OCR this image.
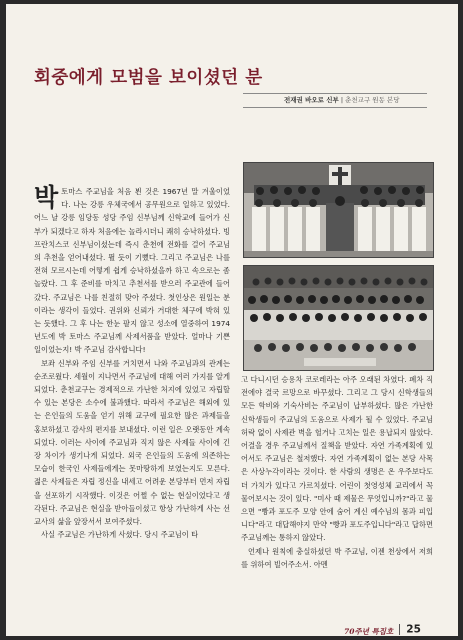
회중에게 모범을 보이셨던 분
전재권 바오로 신부 | 춘천교구 원동 본당

박토마스 주교님을 처음 뵌 것은 1967년 말 겨울이었다. 나는 강릉 우체국에서 공무원으로 일하고 있었다. 어느 날 강릉 임당동 성당 주임 신부님께 신학교에 들어가 신부가 되겠다고 하자 처음에는 놀라시더니 쾌히 승낙하셨다. 빙 프란치스코 신부님이셨는데 즉시 춘천에 전화를 걸어 주교님의 추천을 얻어내셨다. 뛸 듯이 기뻤다. 그리고 주교님은 나를 전혀 모르시는데 어떻게 쉽게 승낙하셨을까 하고 속으로는 좀 놀랐다. 그 후 준비를 마치고 추천서를 받으러 주교관에 들어갔다. 주교님은 나를 친절히 맞아 주셨다. 첫인상은 원일는 분이라는 생각이 들었다. 권위와 신뢰가 거대한 체구에 박혀 있는 듯했다. 그 후 나는 한눈 팔지 않고 성소에 열중하여 1974년도에 박 토마스 주교님께 사제서품을 받았다. 얼마나 기쁜 일이었는지! 박 주교님 감사합니다!

보좌 신부와 주임 신부를 거치면서 나와 주교님과의 관계는 순조로웠다. 세월이 지나면서 주교님에 대해 여러 가지를 알게 되었다. 춘천교구는 경제적으로 가난한 처지에 있었고 자립할 수 있는 본당은 소수에 불과했다. 따라서 주교님은 해외에 있는 은인들의 도움을 얻기 위해 교구에 필요한 많은 과제들을 홍보하셨고 감사의 편지를 보내셨다. 이런 일은 오랫동안 계속되었다. 이러는 사이에 주교님과 직지 않은 사제들 사이에 긴장 차이가 생기나게 되었다. 외국 은인들의 도움에 의존하는 모습이 한국인 사제들에게는 못마땅하게 보였는지도 모른다. 젊은 사제들은 자립 정신을 내세고 어려운 본당부터 먼저 자립을 선포하기 시작했다. 이것은 어쩔 수 없는 현실이었다고 생각된다. 주교님은 현실을 받아들이셨고 항상 가난하게 사는 선교사의 삶을 앞장서서 보여주셨다.

사실 주교님은 가난하게 사셨다. 당시 주교님이 타

고 다니시던 승용차 코로레라는 아주 오래된 차였다. 폐차 직전에야 결국 르망으로 바꾸셨다. 그리고 그 당시 신학생들의 모든 학비와 기숙사비는 주교님이 납부하셨다. 많은 가난한 신학생들이 주교님의 도움으로 사제가 될 수 있었다. 주교님 허락 없이 사제관 벽을 헐거나 고치는 일은 용납되지 않았다. 어결을 경우 주교님께서 질책을 받았다. 자연 가족계획에 있어서도 주교님은 철저했다. 자연 가족계획이 없는 본당 사목은 사상누각이라는 것이다. 한 사람의 생명은 온 우주보다도 더 가치가 있다고 가르치셨다. 어린이 첫영성체 교리에서 꼭 물어보시는 것이 있다. "미사 때 제물은 무엇입니까?"라고 물으면 "빵과 포도주 모양 안에 숨어 계신 예수님의 몸과 피입니다"라고 대답해야지 만약 "빵과 포도주입니다"라고 답하면 주교님께는 통하지 않았다.

언제나 원칙에 충실하셨던 박 주교님, 이젠 천상에서 저희를 위하여 빌어주소서. 아멘

70주년 특집호 25
